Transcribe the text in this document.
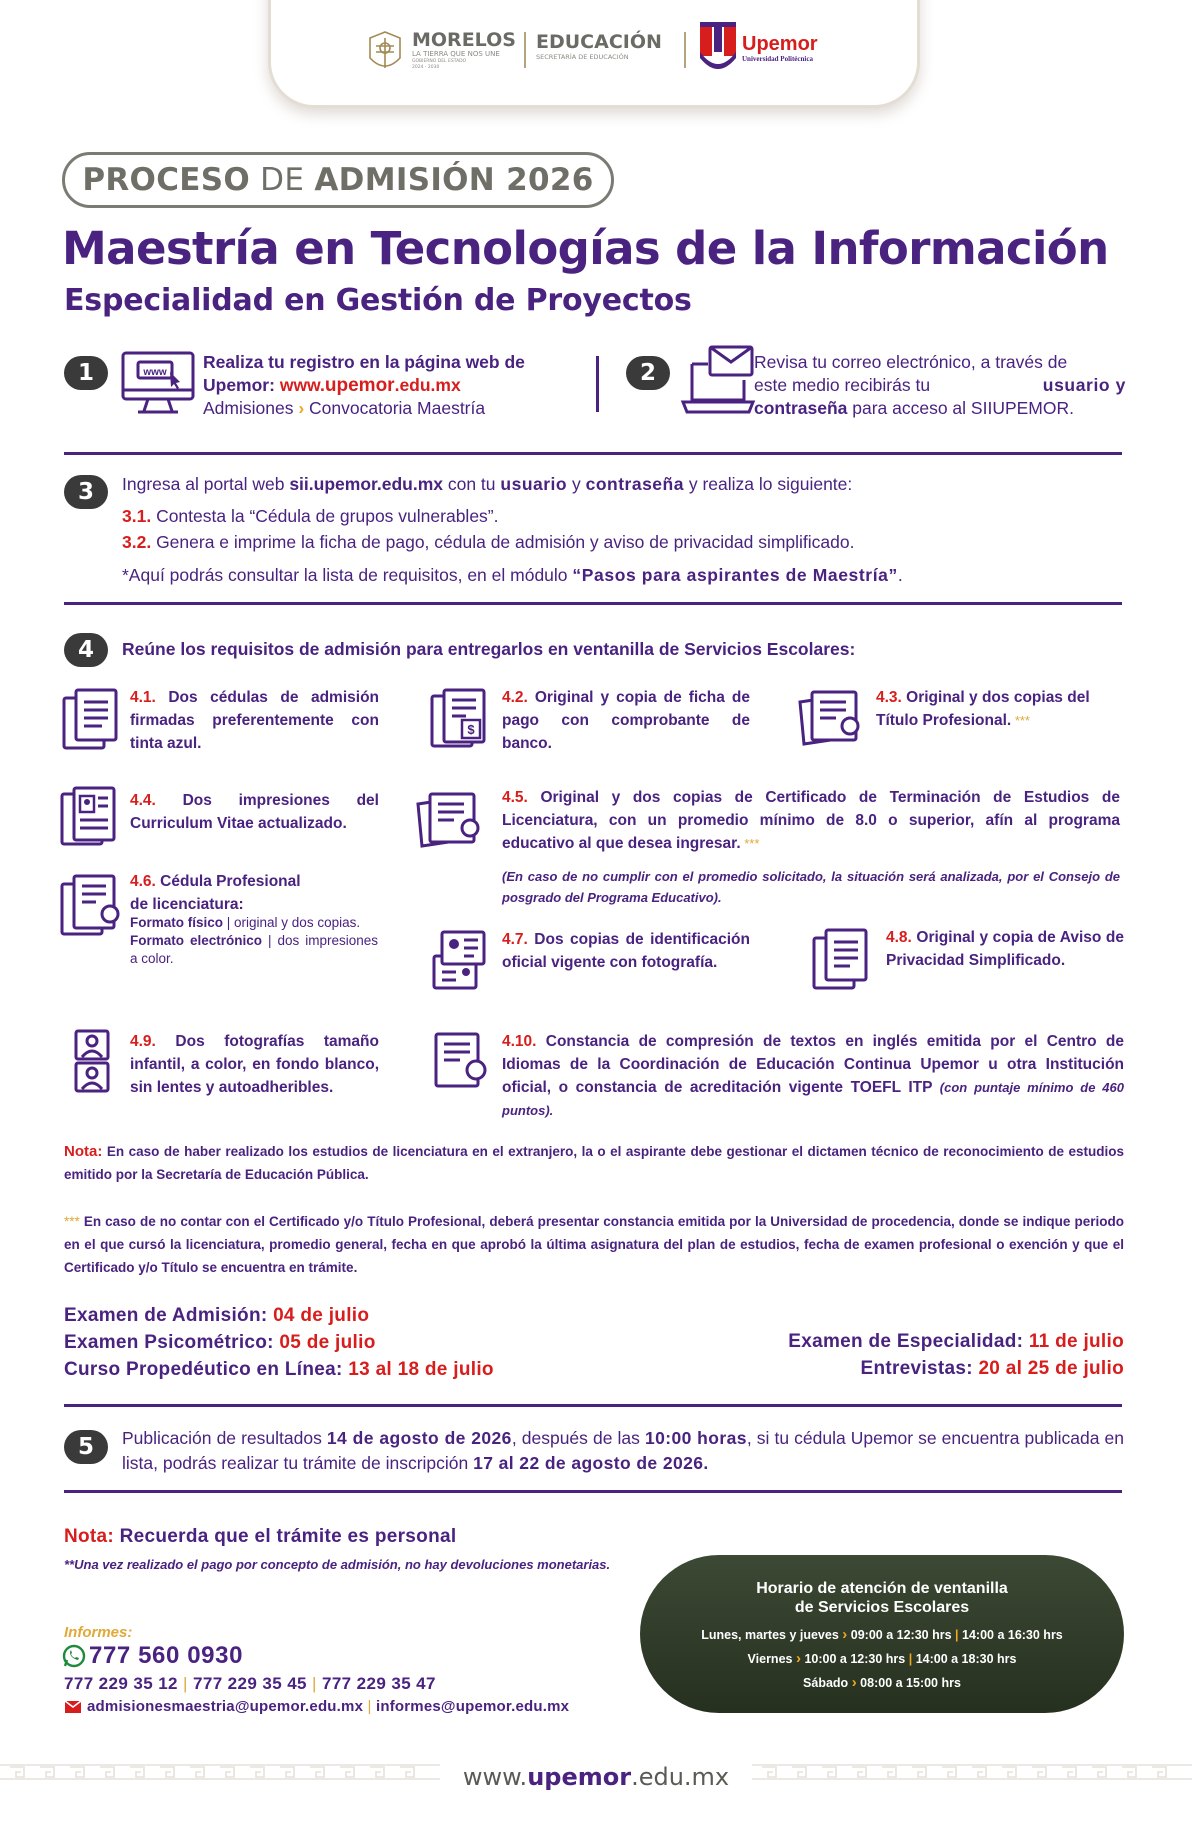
MORELOS
LA TIERRA QUE NOS UNE
GOBIERNO DEL ESTADO
2024 - 2030
EDUCACIÓN
SECRETARÍA DE EDUCACIÓN
Upemor
Universidad Politécnica
PROCESO DE ADMISIÓN 2026
Maestría en Tecnologías de la Información
Especialidad en Gestión de Proyectos
1	www
Realiza tu registro en la página web de
Upemor: www.upemor.edu.mx
Admisiones › Convocatoria Maestría
2	Revisa tu correo electrónico, a través de
este medio recibirás tu	usuario y
contraseña para acceso al SIIUPEMOR.
3	Ingresa al portal web sii.upemor.edu.mx con tu usuario y contraseña y realiza lo siguiente:
3.1. Contesta la “Cédula de grupos vulnerables”.
3.2. Genera e imprime la ficha de pago, cédula de admisión y aviso de privacidad simplificado.
*Aquí podrás consultar la lista de requisitos, en el módulo “Pasos para aspirantes de Maestría”.
4	Reúne los requisitos de admisión para entregarlos en ventanilla de Servicios Escolares:
4.1. Dos cédulas de admisión firmadas preferentemente con tinta azul.
$
4.2. Original y copia de ficha de pago con comprobante de banco.
4.3. Original y dos copias del Título Profesional. ***
4.4. Dos impresiones del Curriculum Vitae actualizado.
4.5. Original y dos copias de Certificado de Terminación de Estudios de Licenciatura, con un promedio mínimo de 8.0 o superior, afín al programa educativo al que desea ingresar. ***
(En caso de no cumplir con el promedio solicitado, la situación será analizada, por el Consejo de posgrado del Programa Educativo).
4.6. Cédula Profesional
de licenciatura:
Formato físico | original y dos copias.
Formato electrónico | dos impresiones a color.
4.7. Dos copias de identificación oficial vigente con fotografía.
4.8. Original y copia de Aviso de Privacidad Simplificado.
4.9. Dos fotografías tamaño infantil, a color, en fondo blanco, sin lentes y autoadheribles.
4.10. Constancia de compresión de textos en inglés emitida por el Centro de Idiomas de la Coordinación de Educación Continua Upemor u otra Institución oficial, o constancia de acreditación vigente TOEFL ITP (con puntaje mínimo de 460 puntos).
Nota: En caso de haber realizado los estudios de licenciatura en el extranjero, la o el aspirante debe gestionar el dictamen técnico de reconocimiento de estudios emitido por la Secretaría de Educación Pública.
*** En caso de no contar con el Certificado y/o Título Profesional, deberá presentar constancia emitida por la Universidad de procedencia, donde se indique periodo en el que cursó la licenciatura, promedio general, fecha en que aprobó la última asignatura del plan de estudios, fecha de examen profesional o exención y que el Certificado y/o Título se encuentra en trámite.
Examen de Admisión: 04 de julio
Examen Psicométrico: 05 de julio
Curso Propedéutico en Línea: 13 al 18 de julio
Examen de Especialidad: 11 de julio
Entrevistas: 20 al 25 de julio
5	Publicación de resultados 14 de agosto de 2026, después de las 10:00 horas, si tu cédula Upemor se encuentra publicada en lista, podrás realizar tu trámite de inscripción 17 al 22 de agosto de 2026.
Nota: Recuerda que el trámite es personal
**Una vez realizado el pago por concepto de admisión, no hay devoluciones monetarias.
Informes:
777 560 0930
777 229 35 12 | 777 229 35 45 | 777 229 35 47
admisionesmaestria@upemor.edu.mx | informes@upemor.edu.mx
Horario de atención de ventanilla
de Servicios Escolares
Lunes, martes y jueves › 09:00 a 12:30 hrs | 14:00 a 16:30 hrs
Viernes › 10:00 a 12:30 hrs | 14:00 a 18:30 hrs
Sábado › 08:00 a 15:00 hrs
www.upemor.edu.mx
